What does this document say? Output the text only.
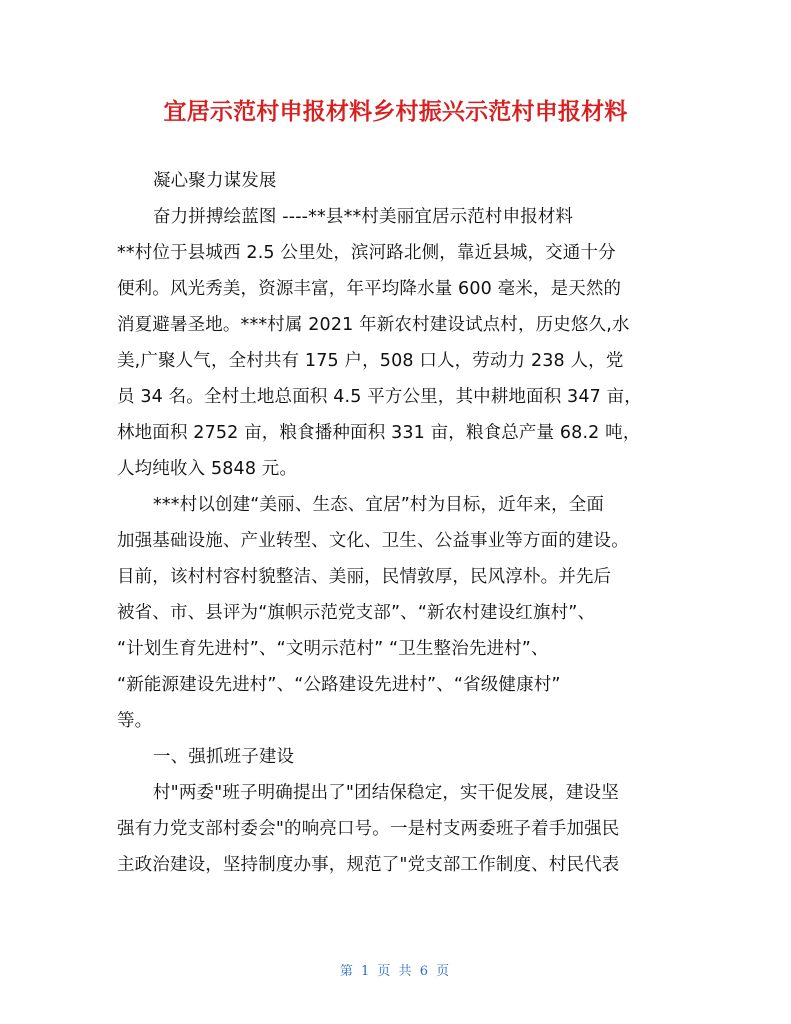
宜居示范村申报材料乡村振兴示范村申报材料
凝心聚力谋发展
奋力拼搏绘蓝图 ----**县**村美丽宜居示范村申报材料
**村位于县城西 2.5 公里处，滨河路北侧，靠近县城，交通十分
便利。风光秀美，资源丰富，年平均降水量 600 毫米，是天然的
消夏避暑圣地。***村属 2021 年新农村建设试点村，历史悠久,水
美,广聚人气，全村共有 175 户，508 口人，劳动力 238 人，党
员 34 名。全村土地总面积 4.5 平方公里，其中耕地面积 347 亩，
林地面积 2752 亩，粮食播种面积 331 亩，粮食总产量 68.2 吨，
人均纯收入 5848 元。
***村以创建“美丽、生态、宜居”村为目标，近年来，全面
加强基础设施、产业转型、文化、卫生、公益事业等方面的建设。
目前，该村村容村貌整洁、美丽，民情敦厚，民风淳朴。并先后
被省、市、县评为“旗帜示范党支部”、“新农村建设红旗村”、
“计划生育先进村”、“文明示范村” “卫生整治先进村”、
“新能源建设先进村”、“公路建设先进村”、“省级健康村”
等。
一、强抓班子建设
村"两委"班子明确提出了"团结保稳定，实干促发展，建设坚
强有力党支部村委会"的响亮口号。一是村支两委班子着手加强民
主政治建设，坚持制度办事，规范了"党支部工作制度、村民代表
第 1 页 共 6 页
